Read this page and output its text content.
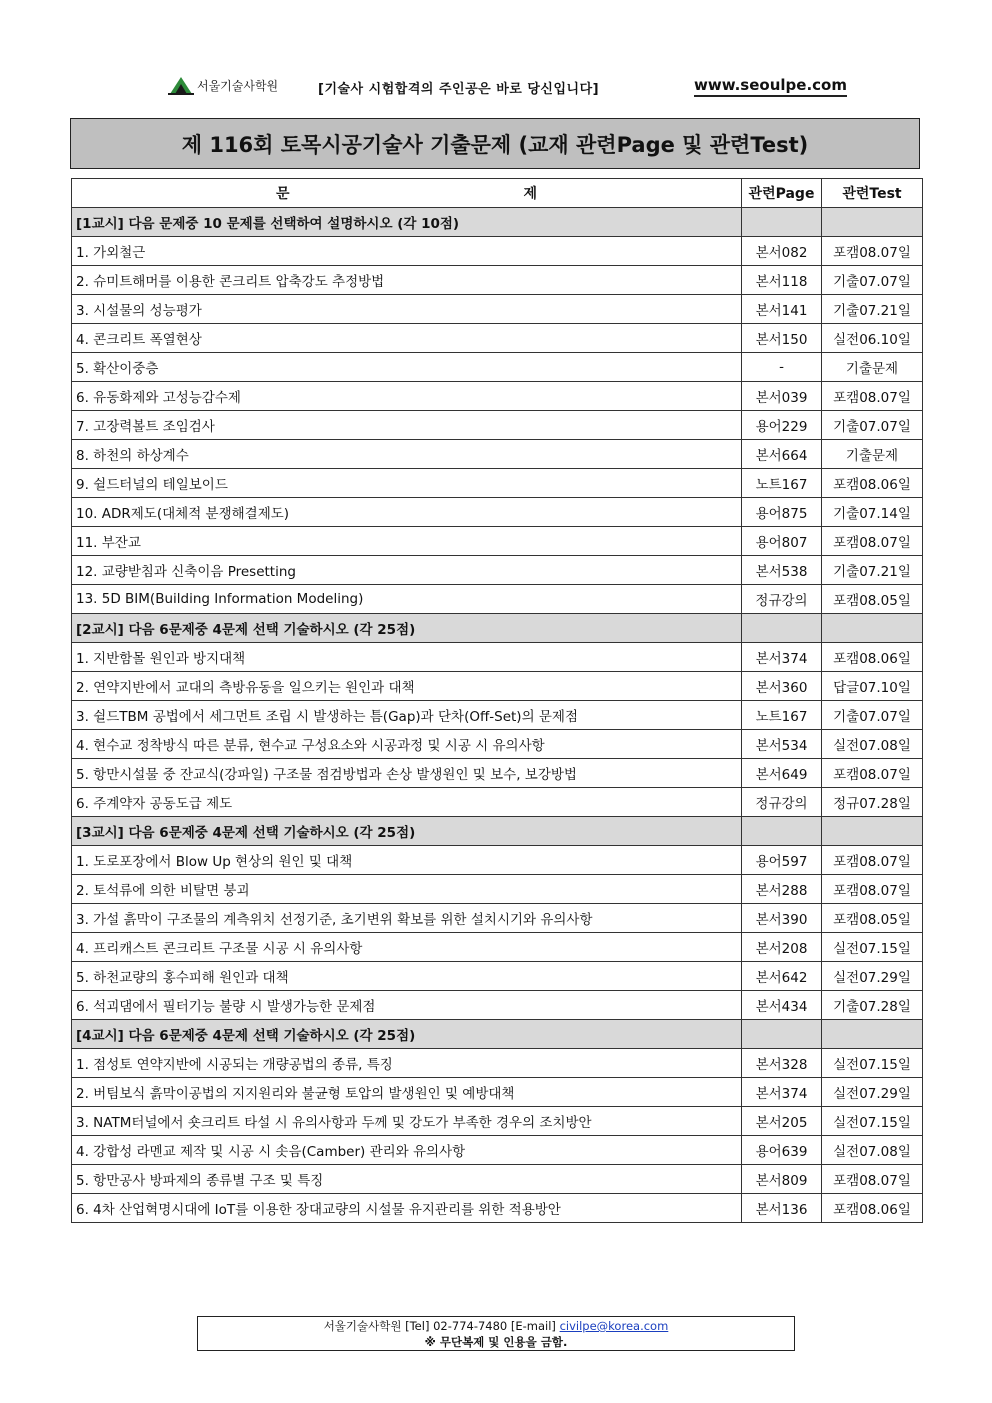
서울기술사학원	[기술사 시험합격의 주인공은 바로 당신입니다]	www.seoulpe.com
제 116회 토목시공기술사 기출문제 (교재 관련Page 및 관련Test)
문 제	관련Page	관련Test
[1교시] 다음 문제중 10 문제를 선택하여 설명하시오 (각 10점)		
1. 가외철근	본서082	포캠08.07일
2. 슈미트해머를 이용한 콘크리트 압축강도 추정방법	본서118	기출07.07일
3. 시설물의 성능평가	본서141	기출07.21일
4. 콘크리트 폭열현상	본서150	실전06.10일
5. 확산이중층	-	기출문제
6. 유동화제와 고성능감수제	본서039	포캠08.07일
7. 고장력볼트 조임검사	용어229	기출07.07일
8. 하천의 하상계수	본서664	기출문제
9. 쉴드터널의 테일보이드	노트167	포캠08.06일
10. ADR제도(대체적 분쟁해결제도)	용어875	기출07.14일
11. 부잔교	용어807	포캠08.07일
12. 교량받침과 신축이음 Presetting	본서538	기출07.21일
13. 5D BIM(Building Information Modeling)	정규강의	포캠08.05일
[2교시] 다음 6문제중 4문제 선택 기술하시오 (각 25점)		
1. 지반함몰 원인과 방지대책	본서374	포캠08.06일
2. 연약지반에서 교대의 측방유동을 일으키는 원인과 대책	본서360	답글07.10일
3. 쉴드TBM 공법에서 세그먼트 조립 시 발생하는 틈(Gap)과 단차(Off-Set)의 문제점	노트167	기출07.07일
4. 현수교 정착방식 따른 분류, 현수교 구성요소와 시공과정 및 시공 시 유의사항	본서534	실전07.08일
5. 항만시설물 중 잔교식(강파일) 구조물 점검방법과 손상 발생원인 및 보수, 보강방법	본서649	포캠08.07일
6. 주계약자 공동도급 제도	정규강의	정규07.28일
[3교시] 다음 6문제중 4문제 선택 기술하시오 (각 25점)		
1. 도로포장에서 Blow Up 현상의 원인 및 대책	용어597	포캠08.07일
2. 토석류에 의한 비탈면 붕괴	본서288	포캠08.07일
3. 가설 흙막이 구조물의 계측위치 선정기준, 초기변위 확보를 위한 설치시기와 유의사항	본서390	포캠08.05일
4. 프리캐스트 콘크리트 구조물 시공 시 유의사항	본서208	실전07.15일
5. 하천교량의 홍수피해 원인과 대책	본서642	실전07.29일
6. 석괴댐에서 필터기능 불량 시 발생가능한 문제점	본서434	기출07.28일
[4교시] 다음 6문제중 4문제 선택 기술하시오 (각 25점)		
1. 점성토 연약지반에 시공되는 개량공법의 종류, 특징	본서328	실전07.15일
2. 버팀보식 흙막이공법의 지지원리와 불균형 토압의 발생원인 및 예방대책	본서374	실전07.29일
3. NATM터널에서 숏크리트 타설 시 유의사항과 두께 및 강도가 부족한 경우의 조치방안	본서205	실전07.15일
4. 강합성 라멘교 제작 및 시공 시 솟음(Camber) 관리와 유의사항	용어639	실전07.08일
5. 항만공사 방파제의 종류별 구조 및 특징	본서809	포캠08.07일
6. 4차 산업혁명시대에 IoT를 이용한 장대교량의 시설물 유지관리를 위한 적용방안	본서136	포캠08.06일
서울기술사학원 [Tel] 02-774-7480 [E-mail] civilpe@korea.com
※ 무단복제 및 인용을 금함.
